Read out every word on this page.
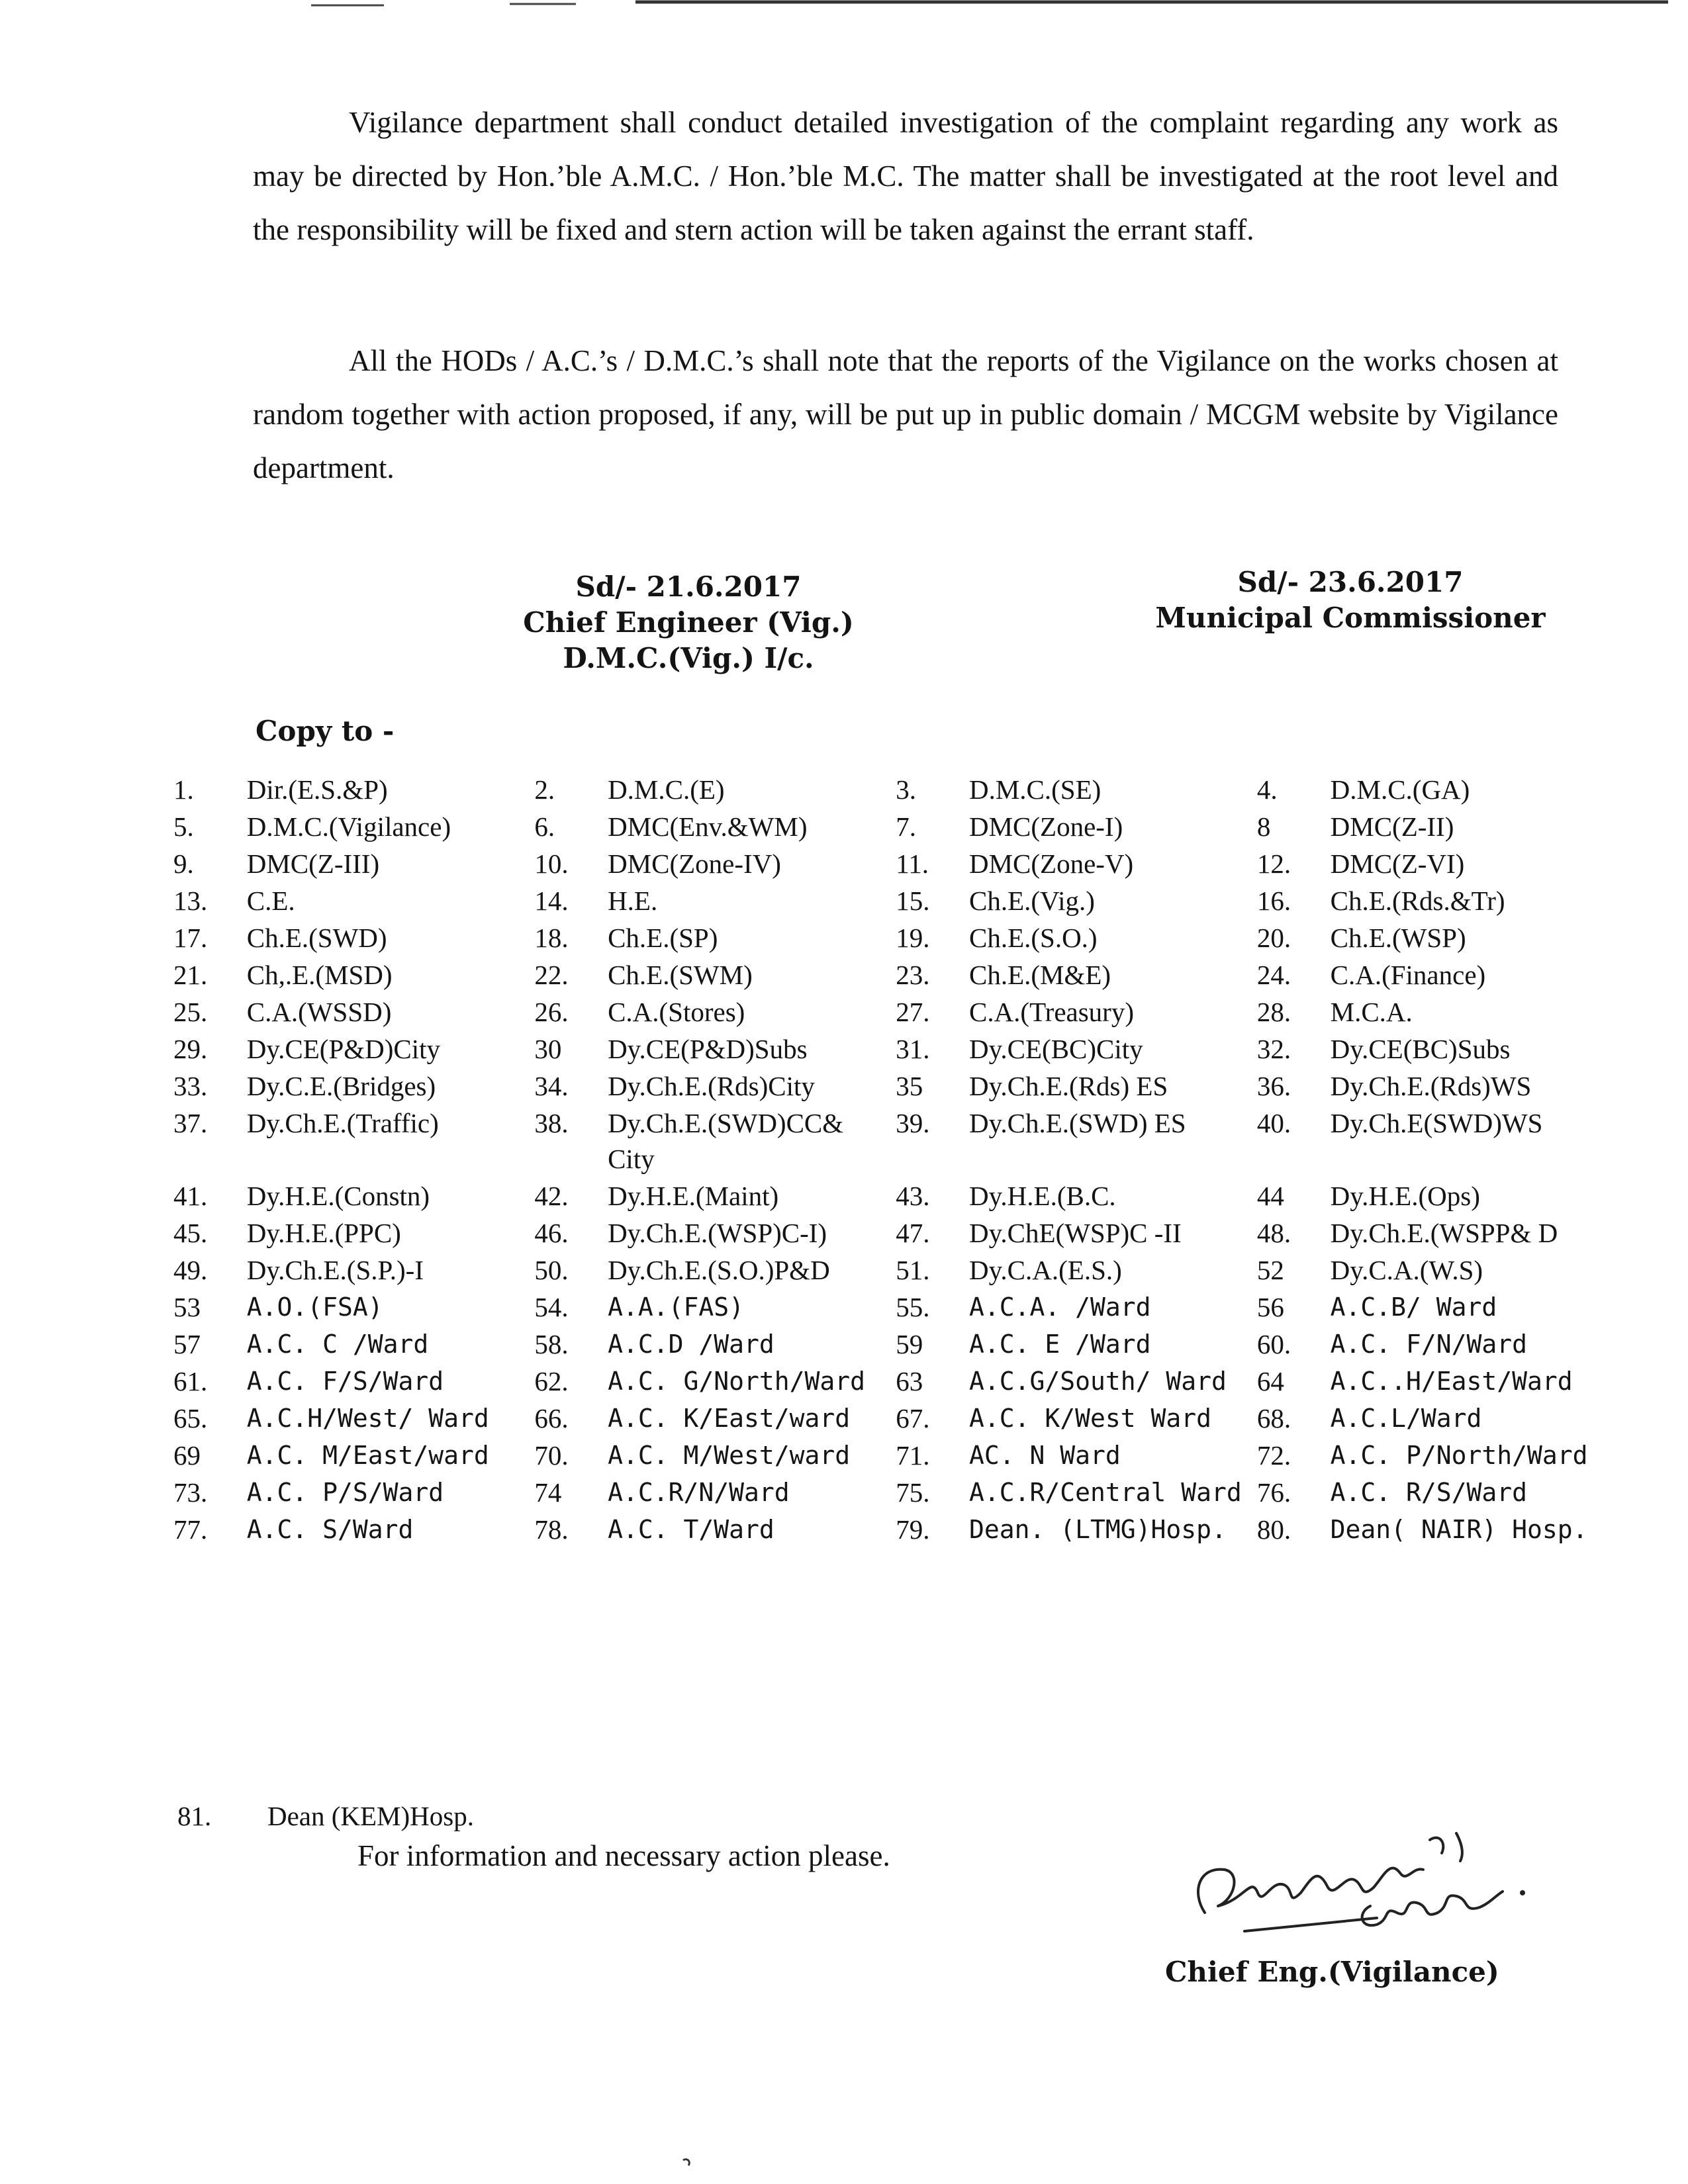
Vigilance department shall conduct detailed investigation of the complaint regarding any work as may be directed by Hon.’ble A.M.C. / Hon.’ble M.C. The matter shall be investigated at the root level and the responsibility will be fixed and stern action will be taken against the errant staff.

All the HODs / A.C.’s / D.M.C.’s shall note that the reports of the Vigilance on the works chosen at random together with action proposed, if any, will be put up in public domain / MCGM website by Vigilance department.

Sd/- 21.6.2017
Chief Engineer (Vig.)
D.M.C.(Vig.) I/c.
Sd/- 23.6.2017
Municipal Commissioner
Copy to -
1.	Dir.(E.S.&P)	2.	D.M.C.(E)	3.	D.M.C.(SE)	4.	D.M.C.(GA)
5.	D.M.C.(Vigilance)	6.	DMC(Env.&WM)	7.	DMC(Zone-I)	8	DMC(Z-II)
9.	DMC(Z-III)	10.	DMC(Zone-IV)	11.	DMC(Zone-V)	12.	DMC(Z-VI)
13.	C.E.	14.	H.E.	15.	Ch.E.(Vig.)	16.	Ch.E.(Rds.&Tr)
17.	Ch.E.(SWD)	18.	Ch.E.(SP)	19.	Ch.E.(S.O.)	20.	Ch.E.(WSP)
21.	Ch,.E.(MSD)	22.	Ch.E.(SWM)	23.	Ch.E.(M&E)	24.	C.A.(Finance)
25.	C.A.(WSSD)	26.	C.A.(Stores)	27.	C.A.(Treasury)	28.	M.C.A.
29.	Dy.CE(P&D)City	30	Dy.CE(P&D)Subs	31.	Dy.CE(BC)City	32.	Dy.CE(BC)Subs
33.	Dy.C.E.(Bridges)	34.	Dy.Ch.E.(Rds)City	35	Dy.Ch.E.(Rds) ES	36.	Dy.Ch.E.(Rds)WS
37.	Dy.Ch.E.(Traffic)	38.	Dy.Ch.E.(SWD)CC& City	39.	Dy.Ch.E.(SWD) ES	40.	Dy.Ch.E(SWD)WS
41.	Dy.H.E.(Constn)	42.	Dy.H.E.(Maint)	43.	Dy.H.E.(B.C.	44	Dy.H.E.(Ops)
45.	Dy.H.E.(PPC)	46.	Dy.Ch.E.(WSP)C-I)	47.	Dy.ChE(WSP)C -II	48.	Dy.Ch.E.(WSPP& D
49.	Dy.Ch.E.(S.P.)-I	50.	Dy.Ch.E.(S.O.)P&D	51.	Dy.C.A.(E.S.)	52	Dy.C.A.(W.S)
53	A.O.(FSA)	54.	A.A.(FAS)	55.	A.C.A. /Ward	56	A.C.B/ Ward
57	A.C. C /Ward	58.	A.C.D /Ward	59	A.C. E /Ward	60.	A.C. F/N/Ward
61.	A.C. F/S/Ward	62.	A.C. G/North/Ward	63	A.C.G/South/ Ward	64	A.C..H/East/Ward
65.	A.C.H/West/ Ward	66.	A.C. K/East/ward	67.	A.C. K/West Ward	68.	A.C.L/Ward
69	A.C. M/East/ward	70.	A.C. M/West/ward	71.	AC. N Ward	72.	A.C. P/North/Ward
73.	A.C. P/S/Ward	74	A.C.R/N/Ward	75.	A.C.R/Central Ward	76.	A.C. R/S/Ward
77.	A.C. S/Ward	78.	A.C. T/Ward	79.	Dean. (LTMG)Hosp.	80.	Dean( NAIR) Hosp.
81. Dean (KEM)Hosp.
For information and necessary action please.
Chief Eng.(Vigilance)
